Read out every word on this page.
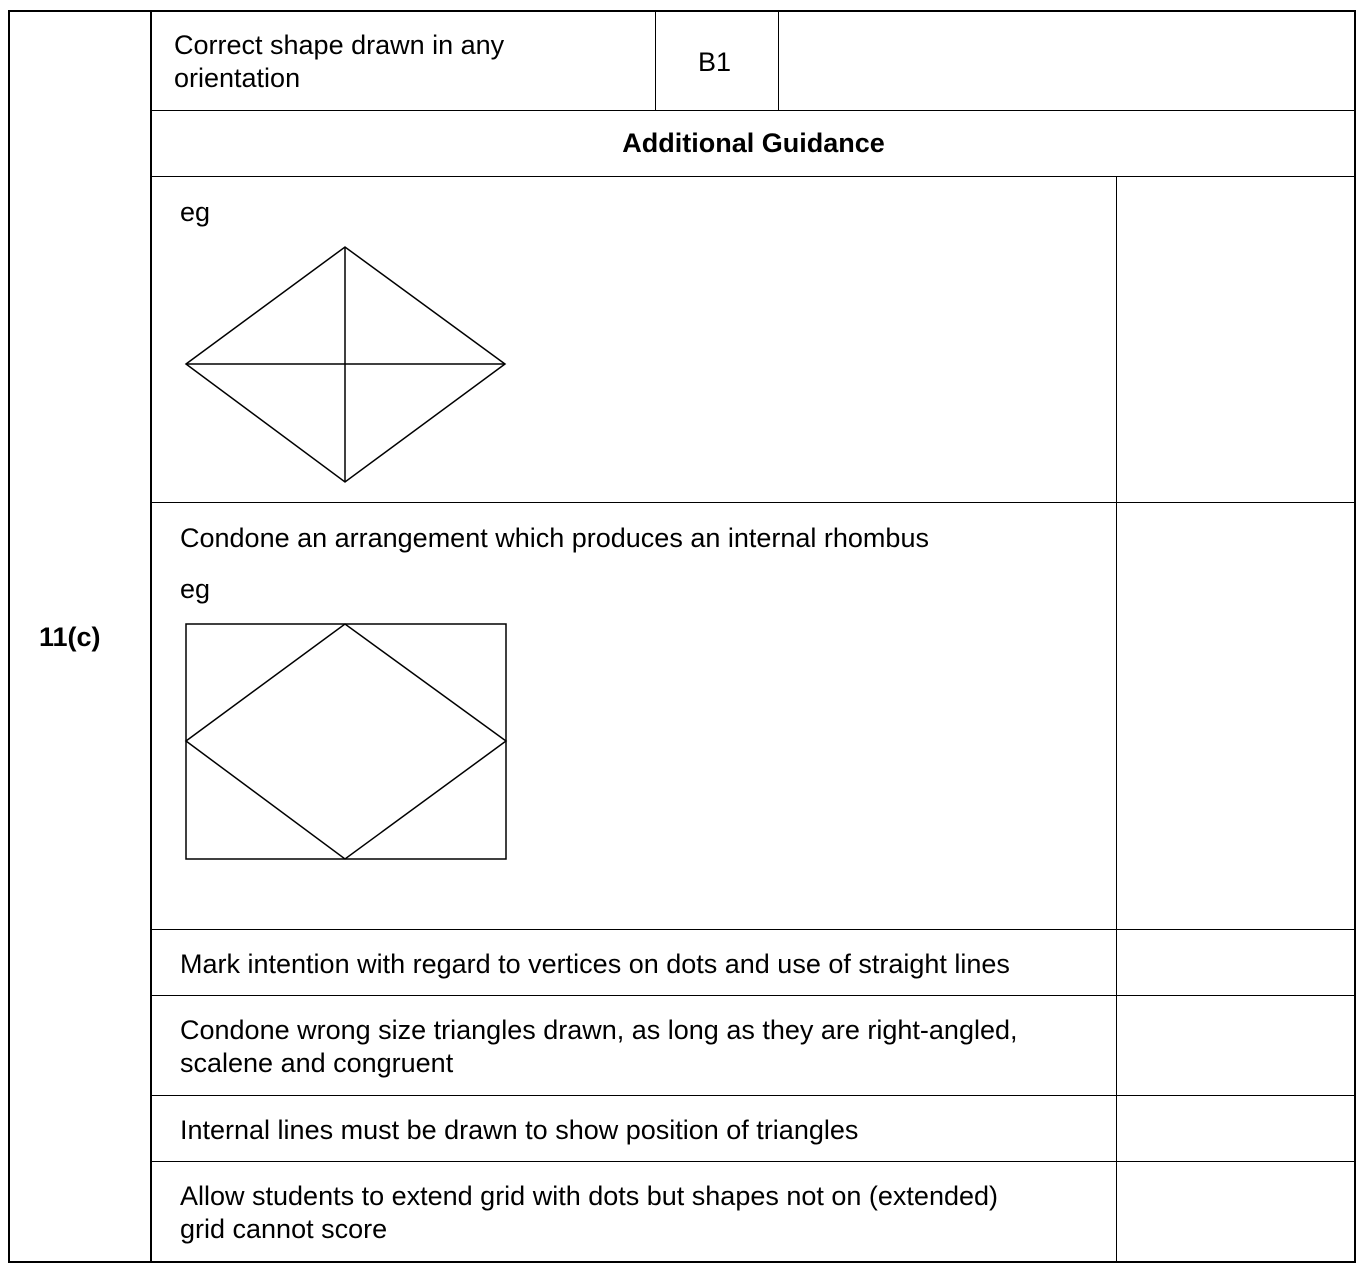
11(c)
Correct shape drawn in any
orientation
B1
Additional Guidance
eg
Condone an arrangement which produces an internal rhombus
eg
Mark intention with regard to vertices on dots and use of straight lines
Condone wrong size triangles drawn, as long as they are right-angled,
scalene and congruent
Internal lines must be drawn to show position of triangles
Allow students to extend grid with dots but shapes not on (extended)
grid cannot score
